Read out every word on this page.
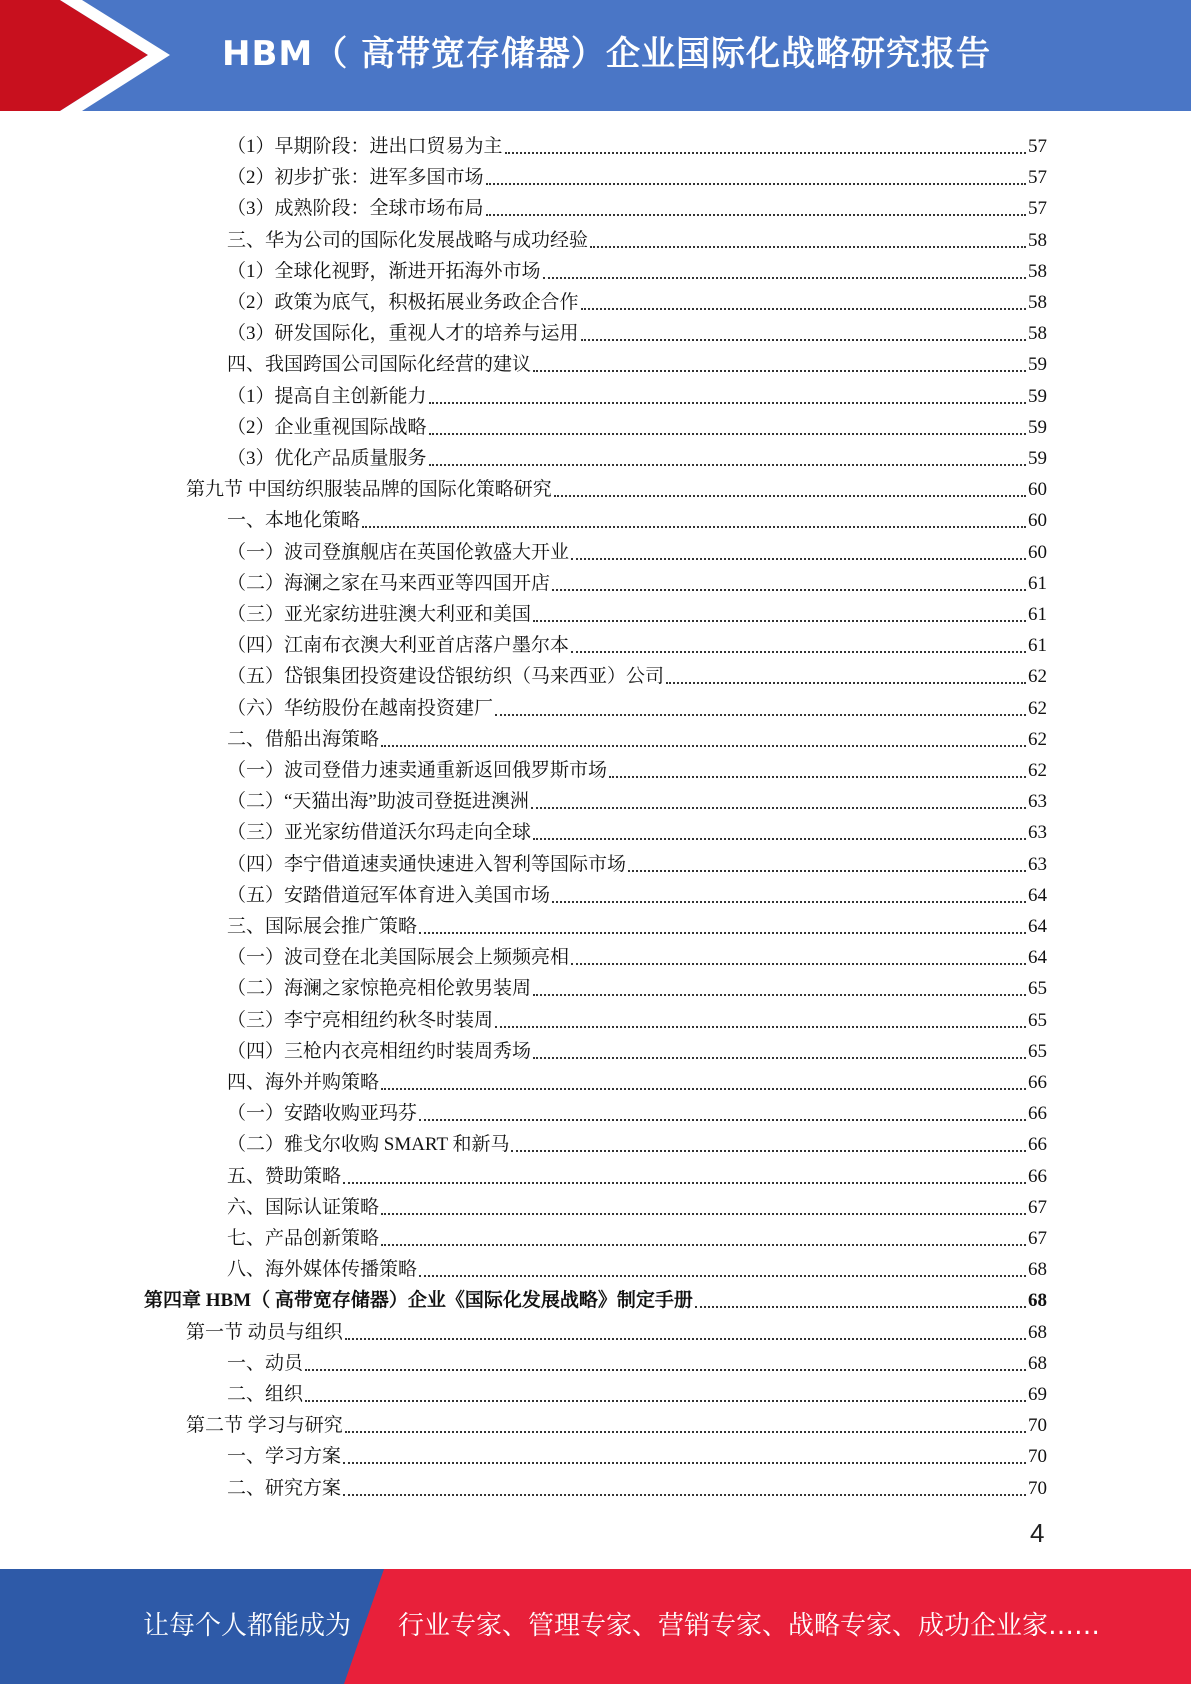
HBM（ 高带宽存储器）企业国际化战略研究报告
（1）早期阶段：进出口贸易为主	57
（2）初步扩张：进军多国市场	57
（3）成熟阶段：全球市场布局	57
三、华为公司的国际化发展战略与成功经验	58
（1）全球化视野，渐进开拓海外市场	58
（2）政策为底气，积极拓展业务政企合作	58
（3）研发国际化，重视人才的培养与运用	58
四、我国跨国公司国际化经营的建议	59
（1）提高自主创新能力	59
（2）企业重视国际战略	59
（3）优化产品质量服务	59
第九节 中国纺织服装品牌的国际化策略研究	60
一、本地化策略	60
（一）波司登旗舰店在英国伦敦盛大开业	60
（二）海澜之家在马来西亚等四国开店	61
（三）亚光家纺进驻澳大利亚和美国	61
（四）江南布衣澳大利亚首店落户墨尔本	61
（五）岱银集团投资建设岱银纺织（马来西亚）公司	62
（六）华纺股份在越南投资建厂	62
二、借船出海策略	62
（一）波司登借力速卖通重新返回俄罗斯市场	62
（二）“天猫出海”助波司登挺进澳洲	63
（三）亚光家纺借道沃尔玛走向全球	63
（四）李宁借道速卖通快速进入智利等国际市场	63
（五）安踏借道冠军体育进入美国市场	64
三、国际展会推广策略	64
（一）波司登在北美国际展会上频频亮相	64
（二）海澜之家惊艳亮相伦敦男装周	65
（三）李宁亮相纽约秋冬时装周	65
（四）三枪内衣亮相纽约时装周秀场	65
四、海外并购策略	66
（一）安踏收购亚玛芬	66
（二）雅戈尔收购 SMART 和新马	66
五、赞助策略	66
六、国际认证策略	67
七、产品创新策略	67
八、海外媒体传播策略	68
第四章 HBM（ 高带宽存储器）企业《国际化发展战略》制定手册	68
第一节 动员与组织	68
一、动员	68
二、组织	69
第二节 学习与研究	70
一、学习方案	70
二、研究方案	70
4
让每个人都能成为 行业专家、管理专家、营销专家、战略专家、成功企业家……
